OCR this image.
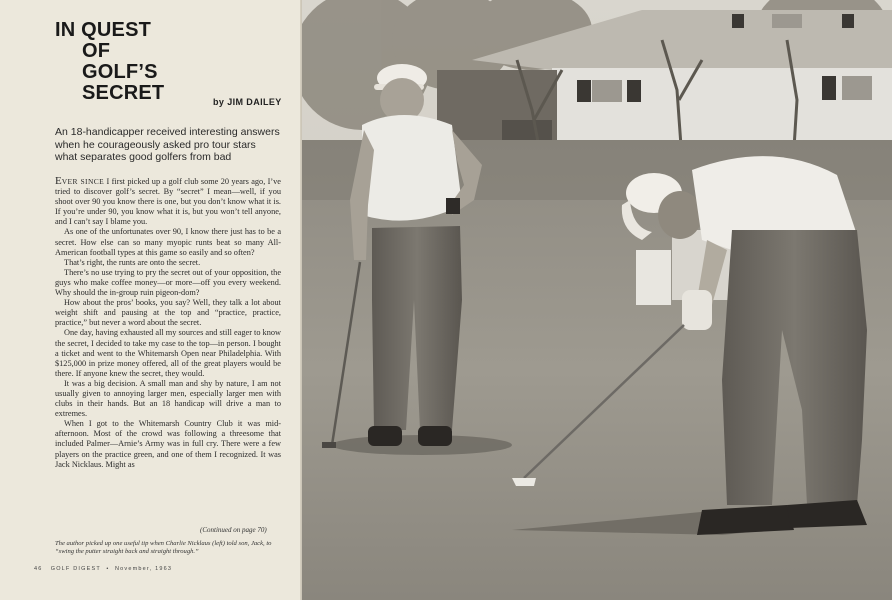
IN QUEST
OF
GOLF’S
SECRET	by JIM DAILEY
An 18-handicapper received interesting answers when he courageously asked pro tour stars what separates good golfers from bad

EVER SINCE I first picked up a golf club some 20 years ago, I’ve tried to discover golf’s secret. By “secret” I mean—well, if you shoot over 90 you know there is one, but you don’t know what it is. If you’re under 90, you know what it is, but you won’t tell anyone, and I can’t say I blame you.

As one of the unfortunates over 90, I know there just has to be a secret. How else can so many myopic runts beat so many All-American football types at this game so easily and so often?

That’s right, the runts are onto the secret.

There’s no use trying to pry the secret out of your opposition, the guys who make coffee money—or more—off you every weekend. Why should the in-group ruin pigeon-dom?

How about the pros’ books, you say? Well, they talk a lot about weight shift and pausing at the top and “practice, practice, practice,” but never a word about the secret.

One day, having exhausted all my sources and still eager to know the secret, I decided to take my case to the top—in person. I bought a ticket and went to the Whitemarsh Open near Philadelphia. With $125,000 in prize money offered, all of the great players would be there. If anyone knew the secret, they would.

It was a big decision. A small man and shy by nature, I am not usually given to annoying larger men, especially larger men with clubs in their hands. But an 18 handicap will drive a man to extremes.

When I got to the Whitemarsh Country Club it was mid-afternoon. Most of the crowd was following a threesome that included Palmer—Arnie’s Army was in full cry. There were a few players on the practice green, and one of them I recognized. It was Jack Nicklaus. Might as

(Continued on page 70)
The author picked up one useful tip when Charlie Nicklaus (left) told son, Jack, to “swing the putter straight back and straight through.”
46 GOLF DIGEST  •  November, 1963
